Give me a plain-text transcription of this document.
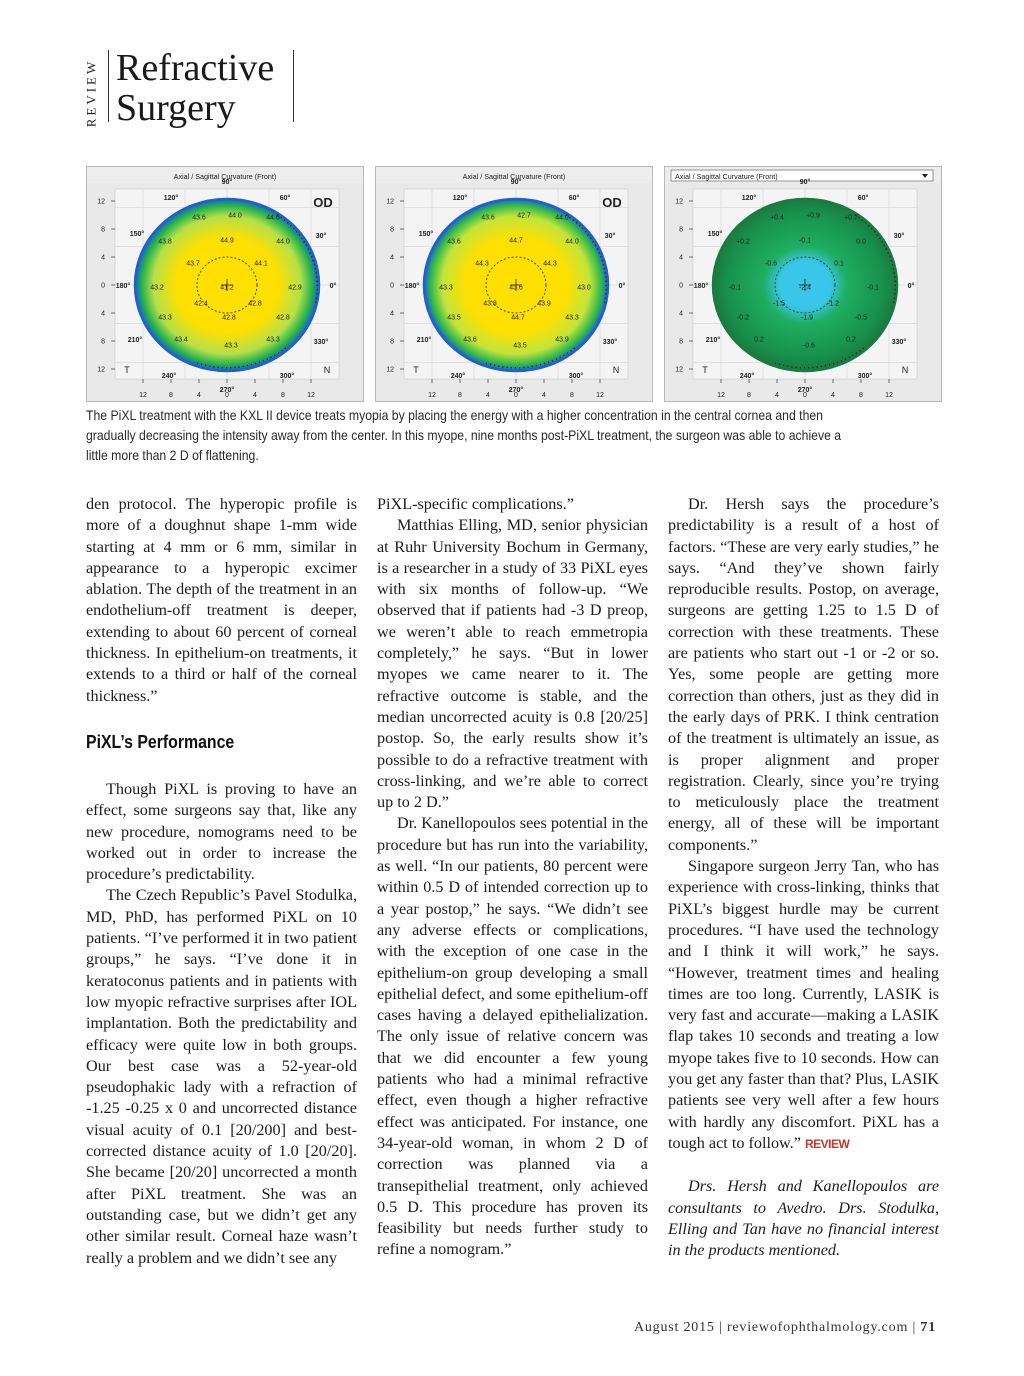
REVIEW Refractive
Surgery
Axial / Sagittal Curvature (Front)
43.6	44.0	44.6
43.8	44.9	44.0
43.7	44.1
43.2	41.2	42.9
42.4	42.8
43.3	42.8	42.8
43.4
43.3
43.3
90°
120°	60°
150°	30°
180°	0°
210°	330°
240°	300°
270°
12
12
8
8
4
4
0
0
4
4
8
8
12
12
T	N
OD
Axial / Sagittal Curvature (Front)
43.6	42.7	44.0
43.6	44.7	44.0
44.3	44.3
43.3	43.6	43.0
43.8	43.9
43.5	44.7	43.3
43.6
43.5
43.9
90°
120°	60°
150°	30°
180°	0°
210°	330°
240°	300°
270°
12
12
8
8
4
4
0
0
4
4
8
8
12
12
T	N
OD
Axial / Sagittal Curvature (Front)
+0.4	+0.9	+0.7
+0.2	-0.1	0.0
-0.6	0.1
-0.1	-2.4	-0.1
-1.5	-1.2
-0.2	-1.9	-0.5
0.2
-0.6
0.2
90°
120°	60°
150°	30°
180°	0°
210°	330°
240°	300°
270°
12
12
8
8
4
4
0
0
4
4
8
8
12
12
T	N

The PiXL treatment with the KXL II device treats myopia by placing the energy with a higher concentration in the central cornea and then gradually decreasing the intensity away from the center. In this myope, nine months post-PiXL treatment, the surgeon was able to achieve a little more than 2 D of flattening.

den protocol. The hyperopic profile is more of a doughnut shape 1-mm wide starting at 4 mm or 6 mm, similar in appearance to a hyperopic excimer ablation. The depth of the treatment in an endothelium-off treatment is deeper, extending to about 60 percent of corneal thickness. In epithelium-on treatments, it extends to a third or half of the corneal thickness.”

PiXL’s Performance

Though PiXL is proving to have an effect, some surgeons say that, like any new procedure, nomograms need to be worked out in order to increase the procedure’s predictability.

The Czech Republic’s Pavel Stodulka, MD, PhD, has performed PiXL on 10 patients. “I’ve performed it in two patient groups,” he says. “I’ve done it in keratoconus patients and in patients with low myopic refractive surprises after IOL implantation. Both the predictability and efficacy were quite low in both groups. Our best case was a 52-year-old pseudophakic lady with a refraction of -1.25 -0.25 x 0 and uncorrected distance visual acuity of 0.1 [20/200] and best-corrected distance acuity of 1.0 [20/20]. She became [20/20] uncorrected a month after PiXL treatment. She was an outstanding case, but we didn’t get any other similar result. Corneal haze wasn’t really a problem and we didn’t see any

PiXL-specific complications.”

Matthias Elling, MD, senior physician at Ruhr University Bochum in Germany, is a researcher in a study of 33 PiXL eyes with six months of follow-up. “We observed that if patients had -3 D preop, we weren’t able to reach emmetropia completely,” he says. “But in lower myopes we came nearer to it. The refractive outcome is stable, and the median uncorrected acuity is 0.8 [20/25] postop. So, the early results show it’s possible to do a refractive treatment with cross-linking, and we’re able to correct up to 2 D.”

Dr. Kanellopoulos sees potential in the procedure but has run into the variability, as well. “In our patients, 80 percent were within 0.5 D of intended correction up to a year postop,” he says. “We didn’t see any adverse effects or complications, with the exception of one case in the epithelium-on group developing a small epithelial defect, and some epithelium-off cases having a delayed epithelialization. The only issue of relative concern was that we did encounter a few young patients who had a minimal refractive effect, even though a higher refractive effect was anticipated. For instance, one 34-year-old woman, in whom 2 D of correction was planned via a transepithelial treatment, only achieved 0.5 D. This procedure has proven its feasibility but needs further study to refine a nomogram.”

Dr. Hersh says the procedure’s predictability is a result of a host of factors. “These are very early studies,” he says. “And they’ve shown fairly reproducible results. Postop, on average, surgeons are getting 1.25 to 1.5 D of correction with these treatments. These are patients who start out -1 or -2 or so. Yes, some people are getting more correction than others, just as they did in the early days of PRK. I think centration of the treatment is ultimately an issue, as is proper alignment and proper registration. Clearly, since you’re trying to meticulously place the treatment energy, all of these will be important components.”

Singapore surgeon Jerry Tan, who has experience with cross-linking, thinks that PiXL’s biggest hurdle may be current procedures. “I have used the technology and I think it will work,” he says. “However, treatment times and healing times are too long. Currently, LASIK is very fast and accurate—making a LASIK flap takes 10 seconds and treating a low myope takes five to 10 seconds. How can you get any faster than that? Plus, LASIK patients see very well after a few hours with hardly any discomfort. PiXL has a tough act to follow.” REVIEW

Drs. Hersh and Kanellopoulos are consultants to Avedro. Drs. Stodulka, Elling and Tan have no financial interest in the products mentioned.

August 2015 | reviewofophthalmology.com | 71
